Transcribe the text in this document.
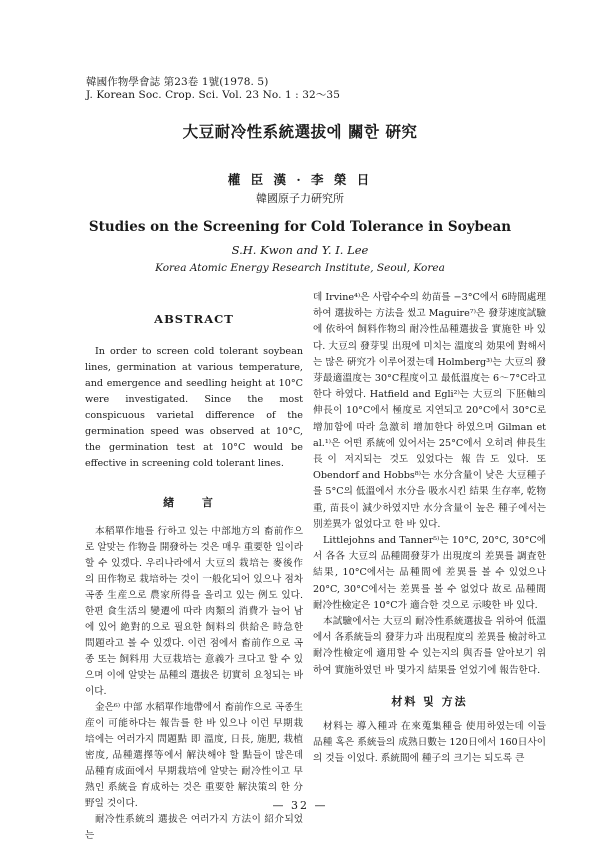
韓國作物學會誌 第23卷 1號(1978. 5)
J. Korean Soc. Crop. Sci. Vol. 23 No. 1 : 32～35
大豆耐冷性系統選拔에 關한 硏究
權 臣 漢 · 李 榮 日
韓國原子力硏究所
Studies on the Screening for Cold Tolerance in Soybean
S.H. Kwon and Y. I. Lee
Korea Atomic Energy Research Institute, Seoul, Korea
ABSTRACT

In order to screen cold tolerant soybean lines, germination at various temperature, and emergence and seedling height at 10°C were investigated. Since the most conspicuous varietal difference of the germination speed was observed at 10°C, the germination test at 10°C would be effective in screening cold tolerant lines.

緖 言

本稻單作地를 行하고 있는 中部地方의 畜前作으로 알맞는 作物을 開發하는 것은 매우 重要한 일이라 할 수 있겠다. 우리나라에서 大豆의 栽培는 麥後作의 田作物로 栽培하는 것이 一般化되어 있으나 점차 곡종 生産으로 農家所得을 올리고 있는 例도 있다. 한편 食生活의 變遷에 따라 肉類의 消費가 늘어 남에 있어 絶對的으로 필요한 飼料의 供給은 時急한 問題라고 볼 수 있겠다. 이런 점에서 畜前作으로 곡종 또는 飼料用 大豆栽培는 意義가 크다고 할 수 있으며 이에 알맞는 品種의 選拔은 切實히 요청되는 바이다.

金은⁶⁾ 中部 水稻單作地帶에서 畜前作으로 곡종生産이 可能하다는 報告를 한 바 있으나 이런 早期栽培에는 여러가지 問題點 即 溫度, 日長, 施肥, 栽植密度, 品種選擇等에서 解決해야 할 點들이 많은데 品種育成面에서 早期栽培에 알맞는 耐冷性이고 早熟인 系統을 育成하는 것은 重要한 解決策의 한 分野일 것이다.

耐冷性系統의 選拔은 여러가지 方法이 紹介되었는

데 Irvine⁴⁾은 사람수수의 幼苗를 −3°C에서 6時間處理하여 選拔하는 方法을 썼고 Maguire⁷⁾은 發芽速度試驗에 依하여 飼料作物의 耐冷性品種選拔을 實施한 바 있다. 大豆의 發芽및 出現에 미치는 溫度의 効果에 對해서는 많은 硏究가 이루어졌는데 Holmberg³⁾는 大豆의 發芽最適溫度는 30°C程度이고 最低溫度는 6～7°C라고 한다 하였다. Hatfield and Egli²⁾는 大豆의 下胚軸의 伸長이 10°C에서 極度로 지연되고 20°C에서 30°C로 增加함에 따라 急激히 增加한다 하였으며 Gilman et al.¹⁾은 어떤 系統에 있어서는 25°C에서 오히려 伸長生長이 저지되는 것도 있었다는 報告도 있다. 또 Obendorf and Hobbs⁸⁾는 水分含量이 낮은 大豆種子를 5°C의 低溫에서 水分을 吸水시킨 結果 生存率, 乾物重, 苗長이 減少하였지만 水分含量이 높은 種子에서는 別差異가 없었다고 한 바 있다.

Littlejohns and Tanner⁵⁾는 10°C, 20°C, 30°C에서 各各 大豆의 品種間發芽가 出現度의 差異를 調査한 結果, 10°C에서는 品種間에 差異를 볼 수 있었으나 20°C, 30°C에서는 差異를 볼 수 없었다 故로 品種間 耐冷性檢定은 10°C가 適合한 것으로 示唆한 바 있다.

本試驗에서는 大豆의 耐冷性系統選拔을 위하여 低溫에서 各系統들의 發芽力과 出現程度의 差異를 檢討하고 耐冷性檢定에 適用할 수 있는지의 與否를 알아보기 위하여 實施하였던 바 몇가지 結果를 얻었기에 報告한다.

材料 및 方法

材料는 導入種과 在來蒐集種을 使用하였는데 이들 品種 혹은 系統들의 成熟日數는 120日에서 160日사이의 것들 이었다. 系統間에 種子의 크기는 되도록 큰

— 32 —
